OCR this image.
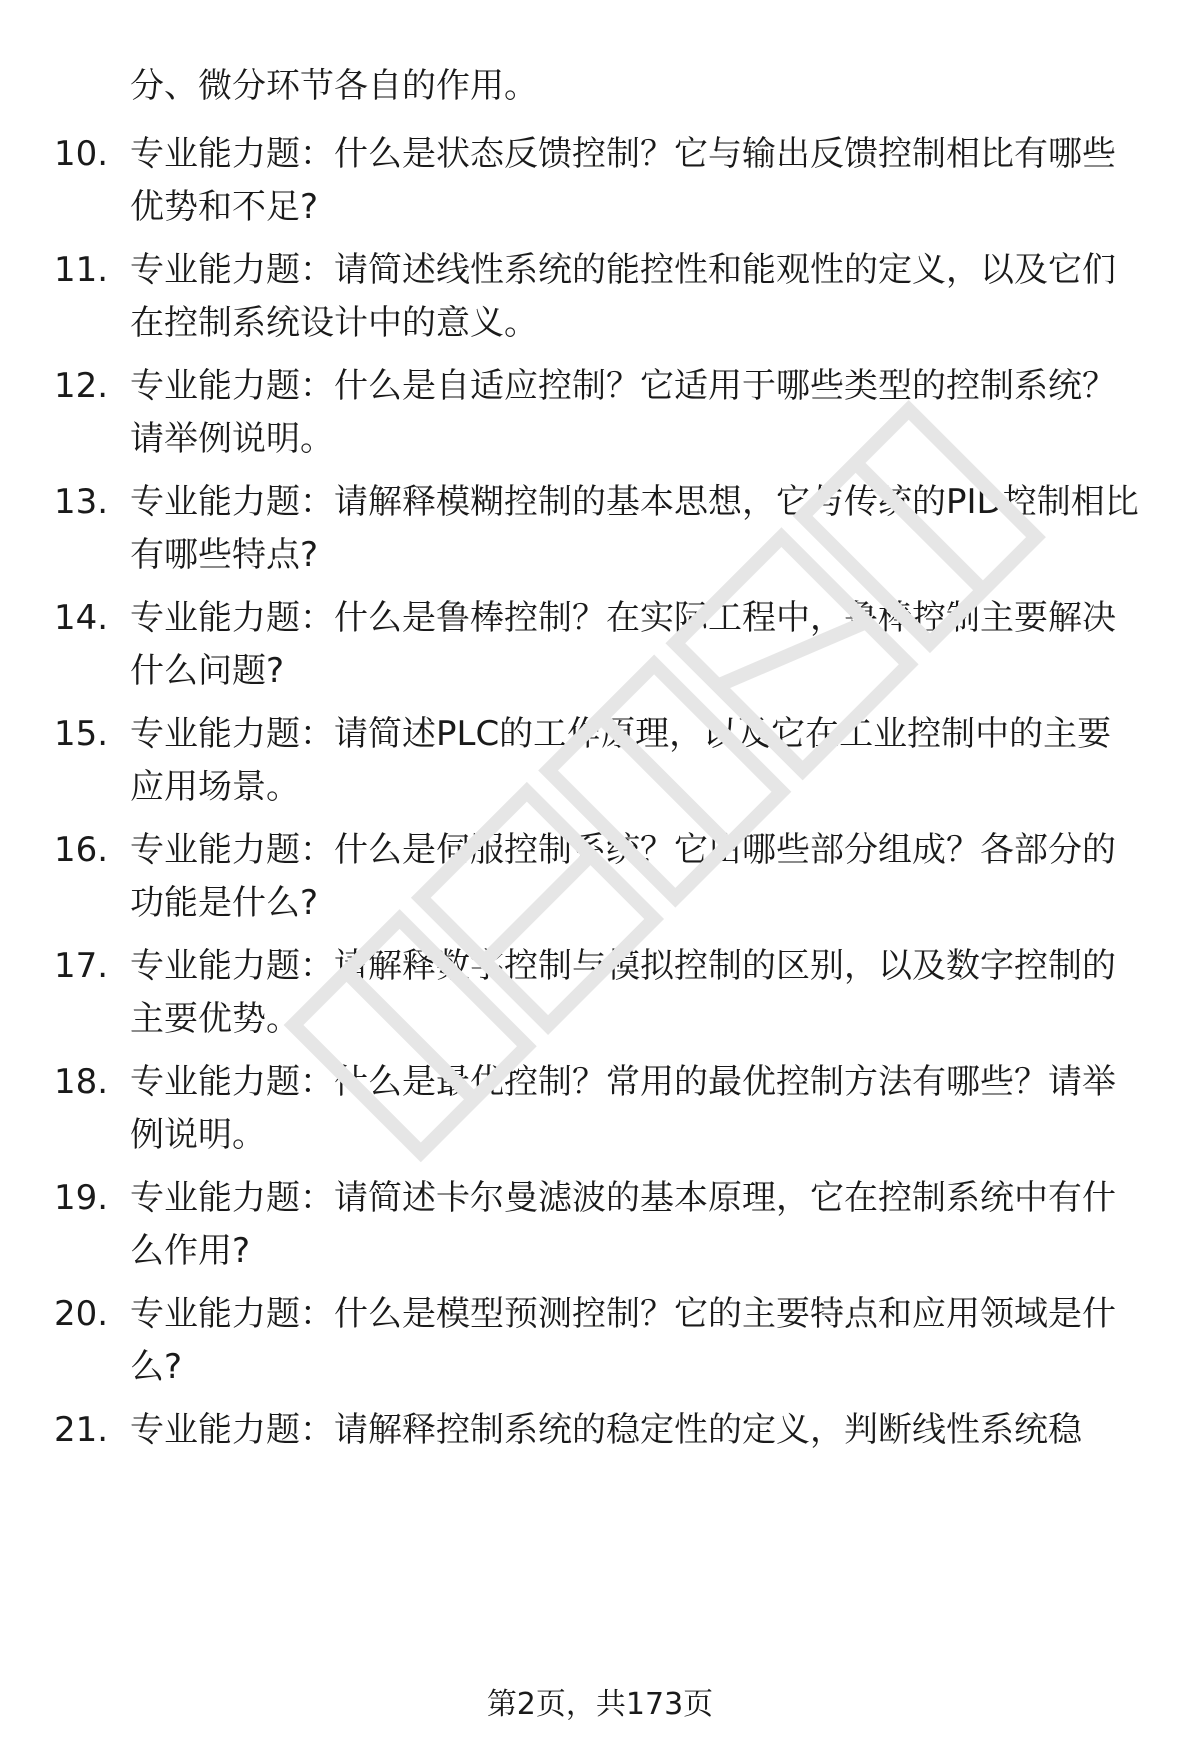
分、微分环节各自的作用。

10. 专业能力题：什么是状态反馈控制？它与输出反馈控制相比有哪些优势和不足?

11. 专业能力题：请简述线性系统的能控性和能观性的定义，以及它们在控制系统设计中的意义。

12. 专业能力题：什么是自适应控制？它适用于哪些类型的控制系统？请举例说明。

13. 专业能力题：请解释模糊控制的基本思想，它与传统的PID控制相比有哪些特点?

14. 专业能力题：什么是鲁棒控制？在实际工程中，鲁棒控制主要解决什么问题?

15. 专业能力题：请简述PLC的工作原理，以及它在工业控制中的主要应用场景。

16. 专业能力题：什么是伺服控制系统？它由哪些部分组成？各部分的功能是什么?

17. 专业能力题：请解释数字控制与模拟控制的区别，以及数字控制的主要优势。

18. 专业能力题：什么是最优控制？常用的最优控制方法有哪些？请举例说明。

19. 专业能力题：请简述卡尔曼滤波的基本原理，它在控制系统中有什么作用?

20. 专业能力题：什么是模型预测控制？它的主要特点和应用领域是什么?

21. 专业能力题：请解释控制系统的稳定性的定义，判断线性系统稳

第2页，共173页
